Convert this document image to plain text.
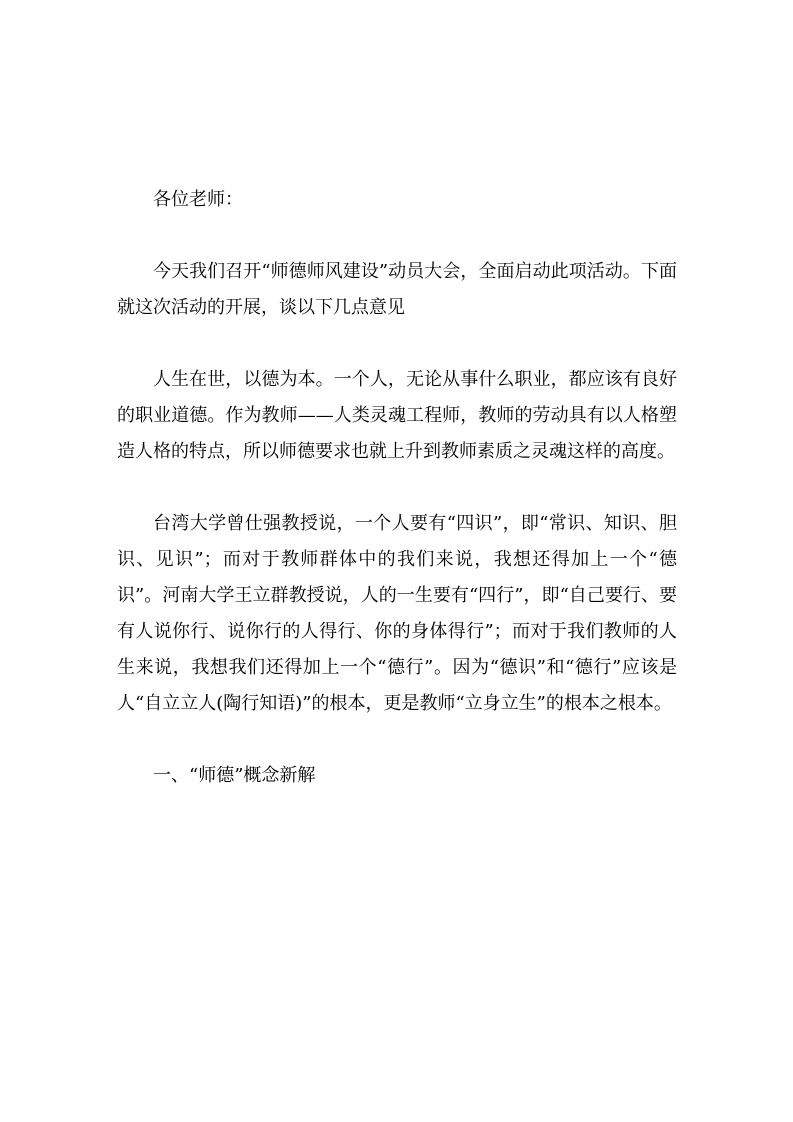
各位老师：

今天我们召开“师德师风建设”动员大会，全面启动此项活动。下面就这次活动的开展，谈以下几点意见

人生在世，以德为本。一个人，无论从事什么职业，都应该有良好的职业道德。作为教师——人类灵魂工程师，教师的劳动具有以人格塑造人格的特点，所以师德要求也就上升到教师素质之灵魂这样的高度。

台湾大学曾仕强教授说，一个人要有“四识”，即“常识、知识、胆识、见识”；而对于教师群体中的我们来说，我想还得加上一个“德识”。河南大学王立群教授说，人的一生要有“四行”，即“自己要行、要有人说你行、说你行的人得行、你的身体得行”；而对于我们教师的人生来说，我想我们还得加上一个“德行”。因为“德识”和“德行”应该是人“自立立人(陶行知语)”的根本，更是教师“立身立生”的根本之根本。

一、“师德”概念新解
